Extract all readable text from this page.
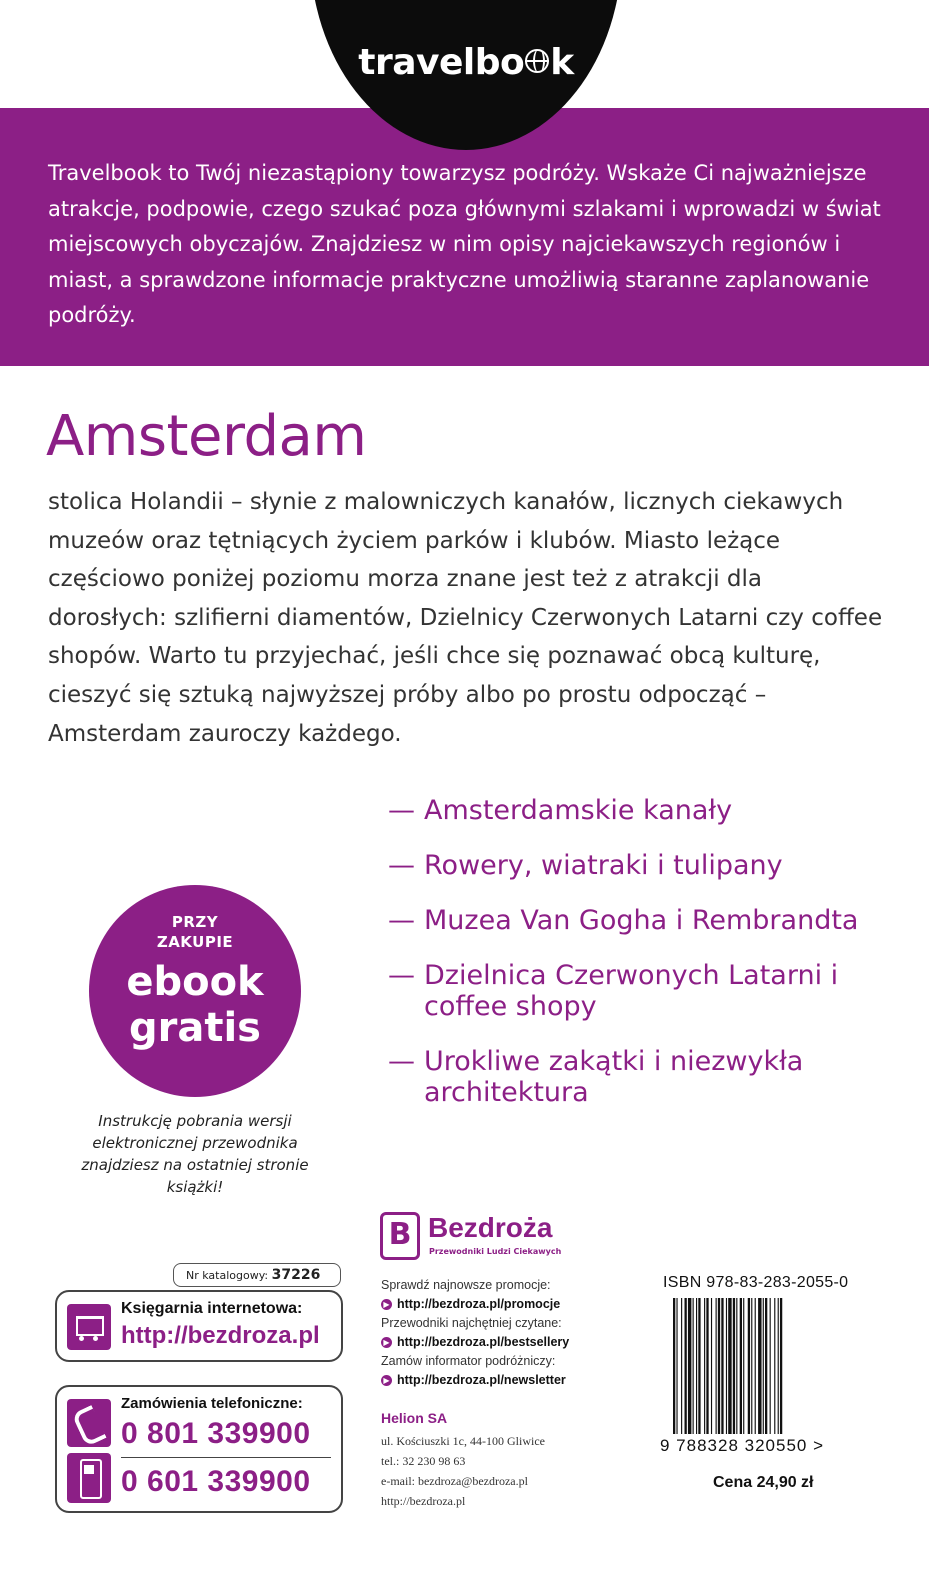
travelbo k

Travelbook to Twój niezastąpiony towarzysz podróży. Wskaże Ci najważniejsze atrakcje, podpowie, czego szukać poza głównymi szlakami i wprowadzi w świat miejscowych obyczajów. Znajdziesz w nim opisy najciekawszych regionów i miast, a sprawdzone informacje praktyczne umożliwią staranne zaplanowanie podróży.

Amsterdam

stolica Holandii – słynie z malowniczych kanałów, licznych ciekawych muzeów oraz tętniących życiem parków i klubów. Miasto leżące częściowo poniżej poziomu morza znane jest też z atrakcji dla dorosłych: szlifierni diamentów, Dzielnicy Czerwonych Latarni czy coffee shopów. Warto tu przyjechać, jeśli chce się poznawać obcą kulturę, cieszyć się sztuką najwyższej próby albo po prostu odpocząć – Amsterdam zauroczy każdego.

— Amsterdamskie kanały
— Rowery, wiatraki i tulipany
— Muzea Van Gogha i Rembrandta
— Dzielnica Czerwonych Latarni i coffee shopy
— Urokliwe zakątki i niezwykła architektura
PRZY
ZAKUPIE
ebook
gratis

Instrukcję pobrania wersji elektronicznej przewodnika znajdziesz na ostatniej stronie książki!

Nr katalogowy: 37226
Księgarnia internetowa:
http://bezdroza.pl
Zamówienia telefoniczne:
0 801 339900
0 601 339900
B Bezdroża
Przewodniki Ludzi Ciekawych
Sprawdź najnowsze promocje:
▶ http://bezdroza.pl/promocje
Przewodniki najchętniej czytane:
▶ http://bezdroza.pl/bestsellery
Zamów informator podróżniczy:
▶ http://bezdroza.pl/newsletter
Helion SA
ul. Kościuszki 1c, 44-100 Gliwice
tel.: 32 230 98 63
e-mail: bezdroza@bezdroza.pl
http://bezdroza.pl
ISBN 978-83-283-2055-0
9 788328 320550 >
Cena 24,90 zł
